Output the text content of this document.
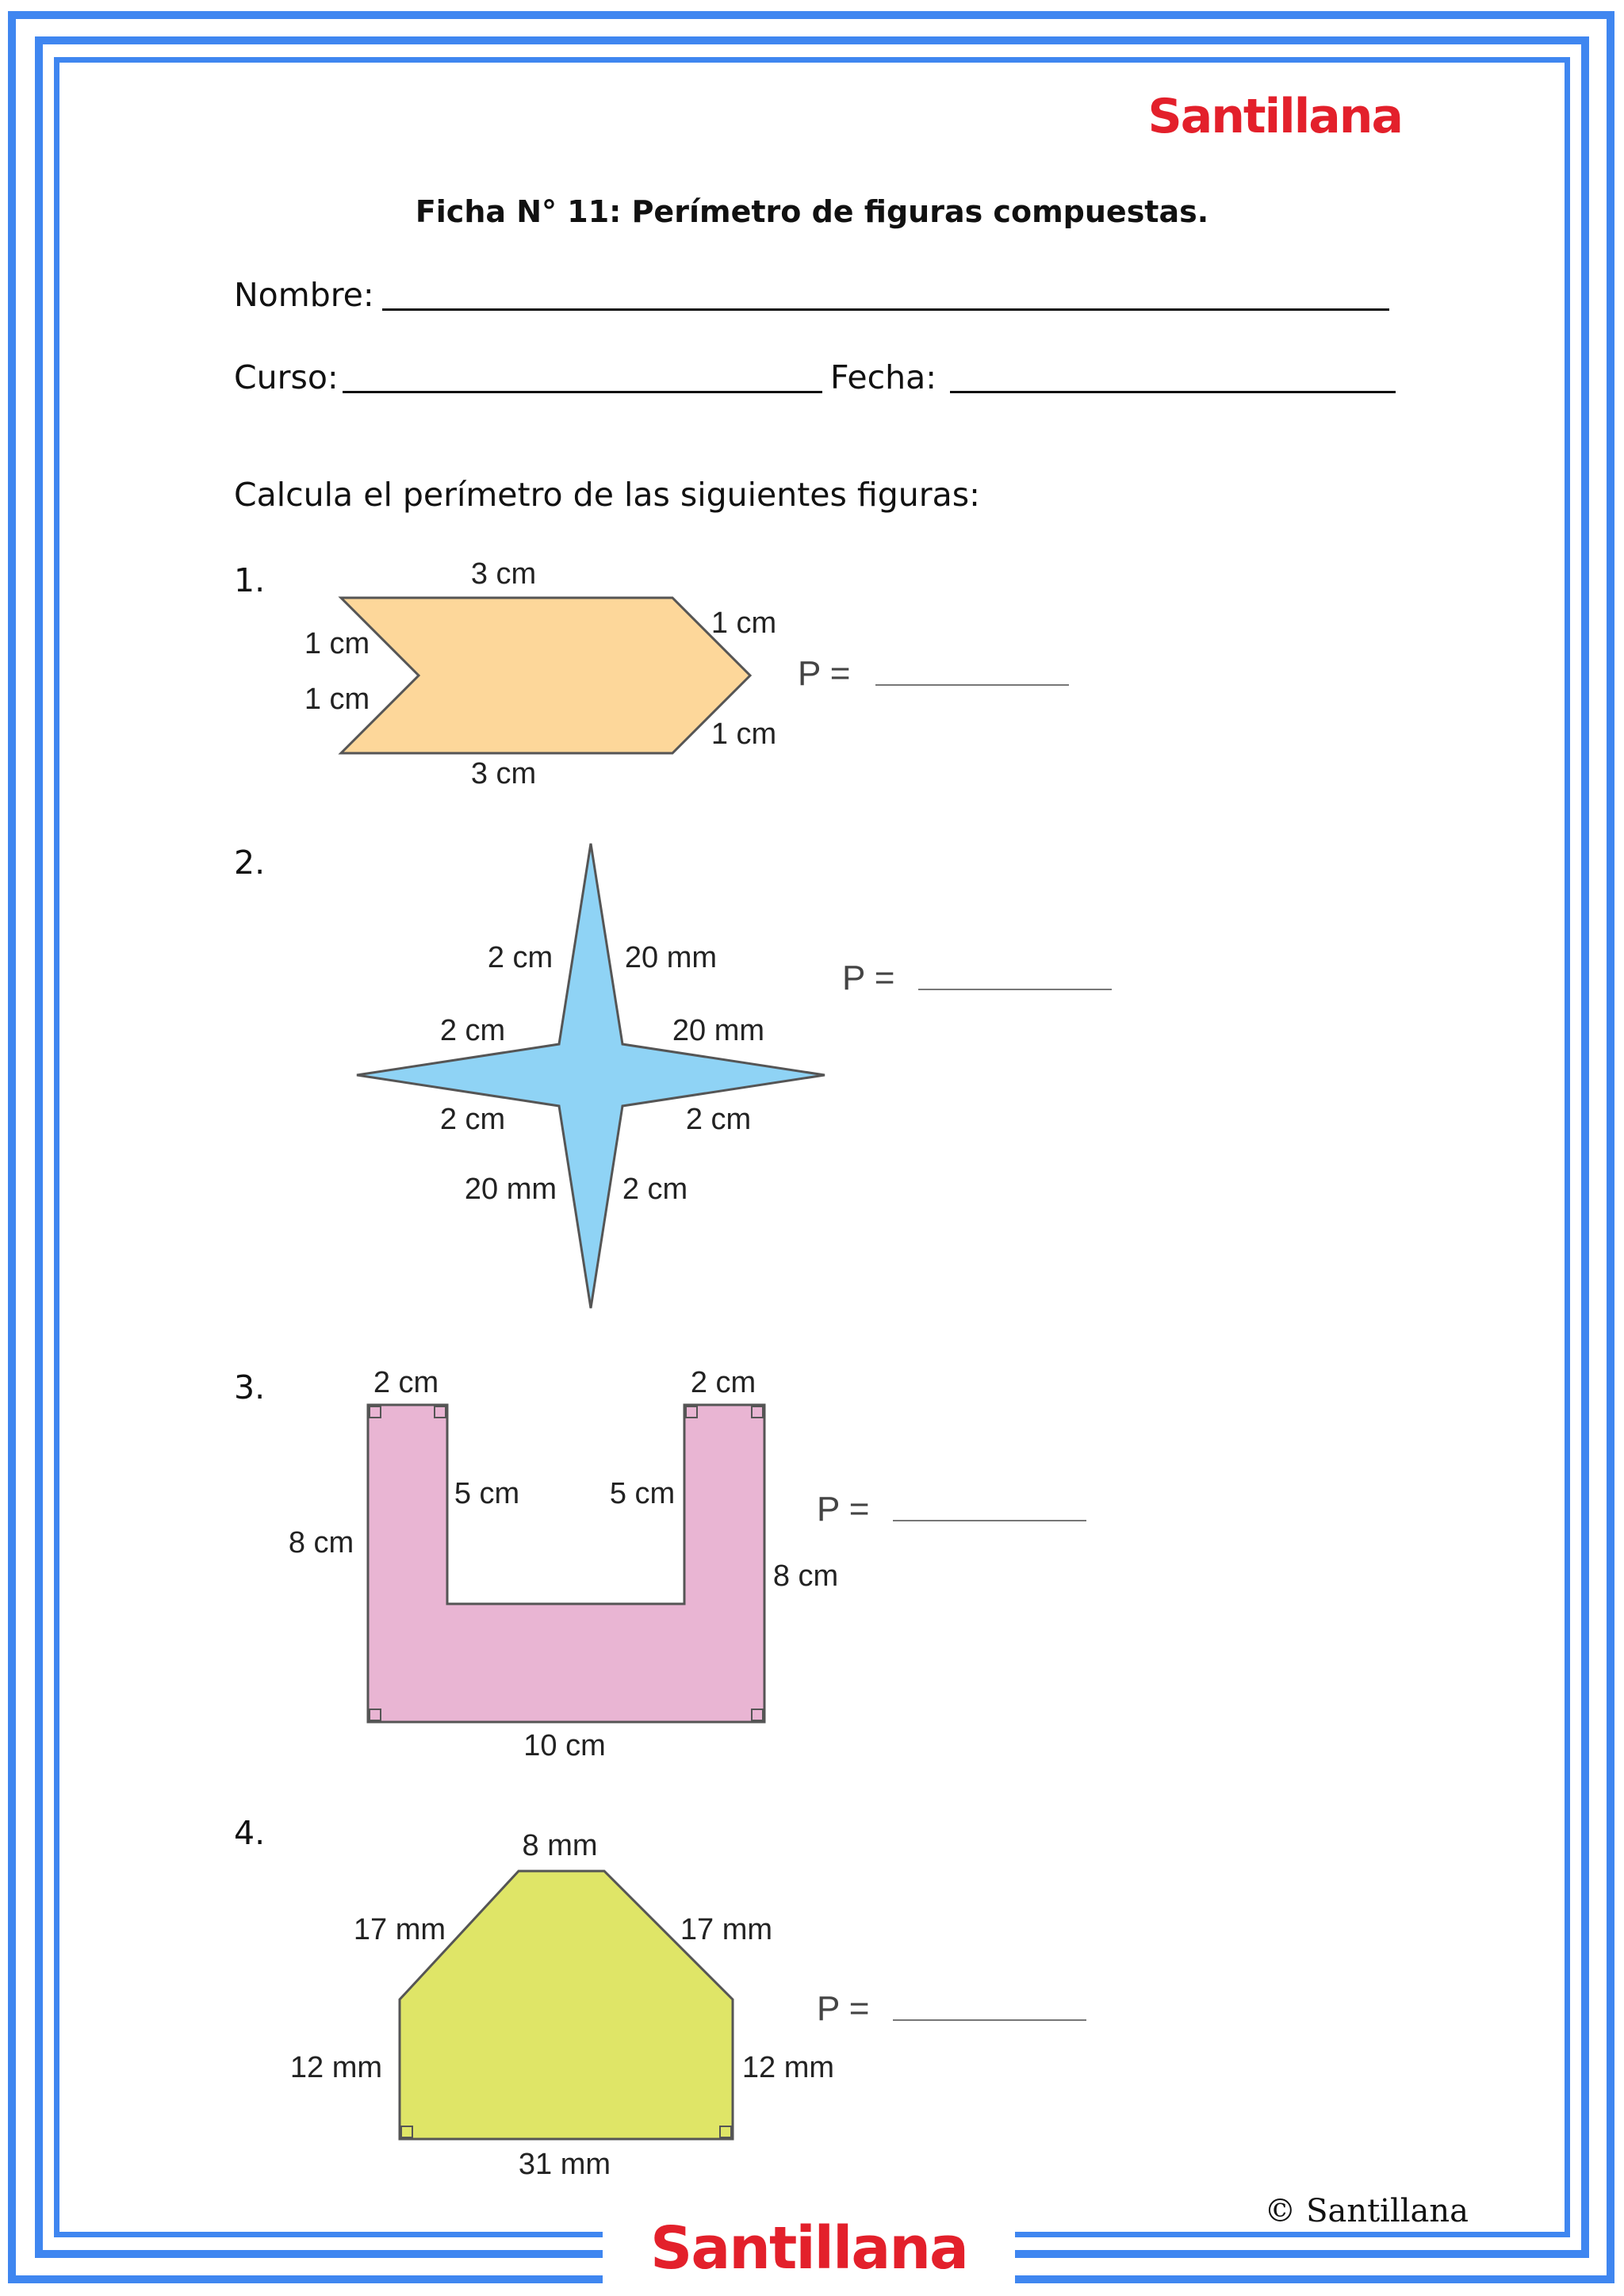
Santillana
Ficha N° 11: Perímetro de figuras compuestas.
Nombre:
Curso:	Fecha:
Calcula el perímetro de las siguientes figuras:
1.
2.
3.
4.
3 cm
3 cm
1 cm
1 cm
1 cm
1 cm
P =
2 cm 20 mm
2 cm	20 mm
2 cm	2 cm
20 mm 2 cm
P =
2 cm	2 cm
5 cm	5 cm
8 cm
8 cm
10 cm
P =
8 mm
17 mm	17 mm
12 mm	12 mm
31 mm
P =
© Santillana
Santillana
